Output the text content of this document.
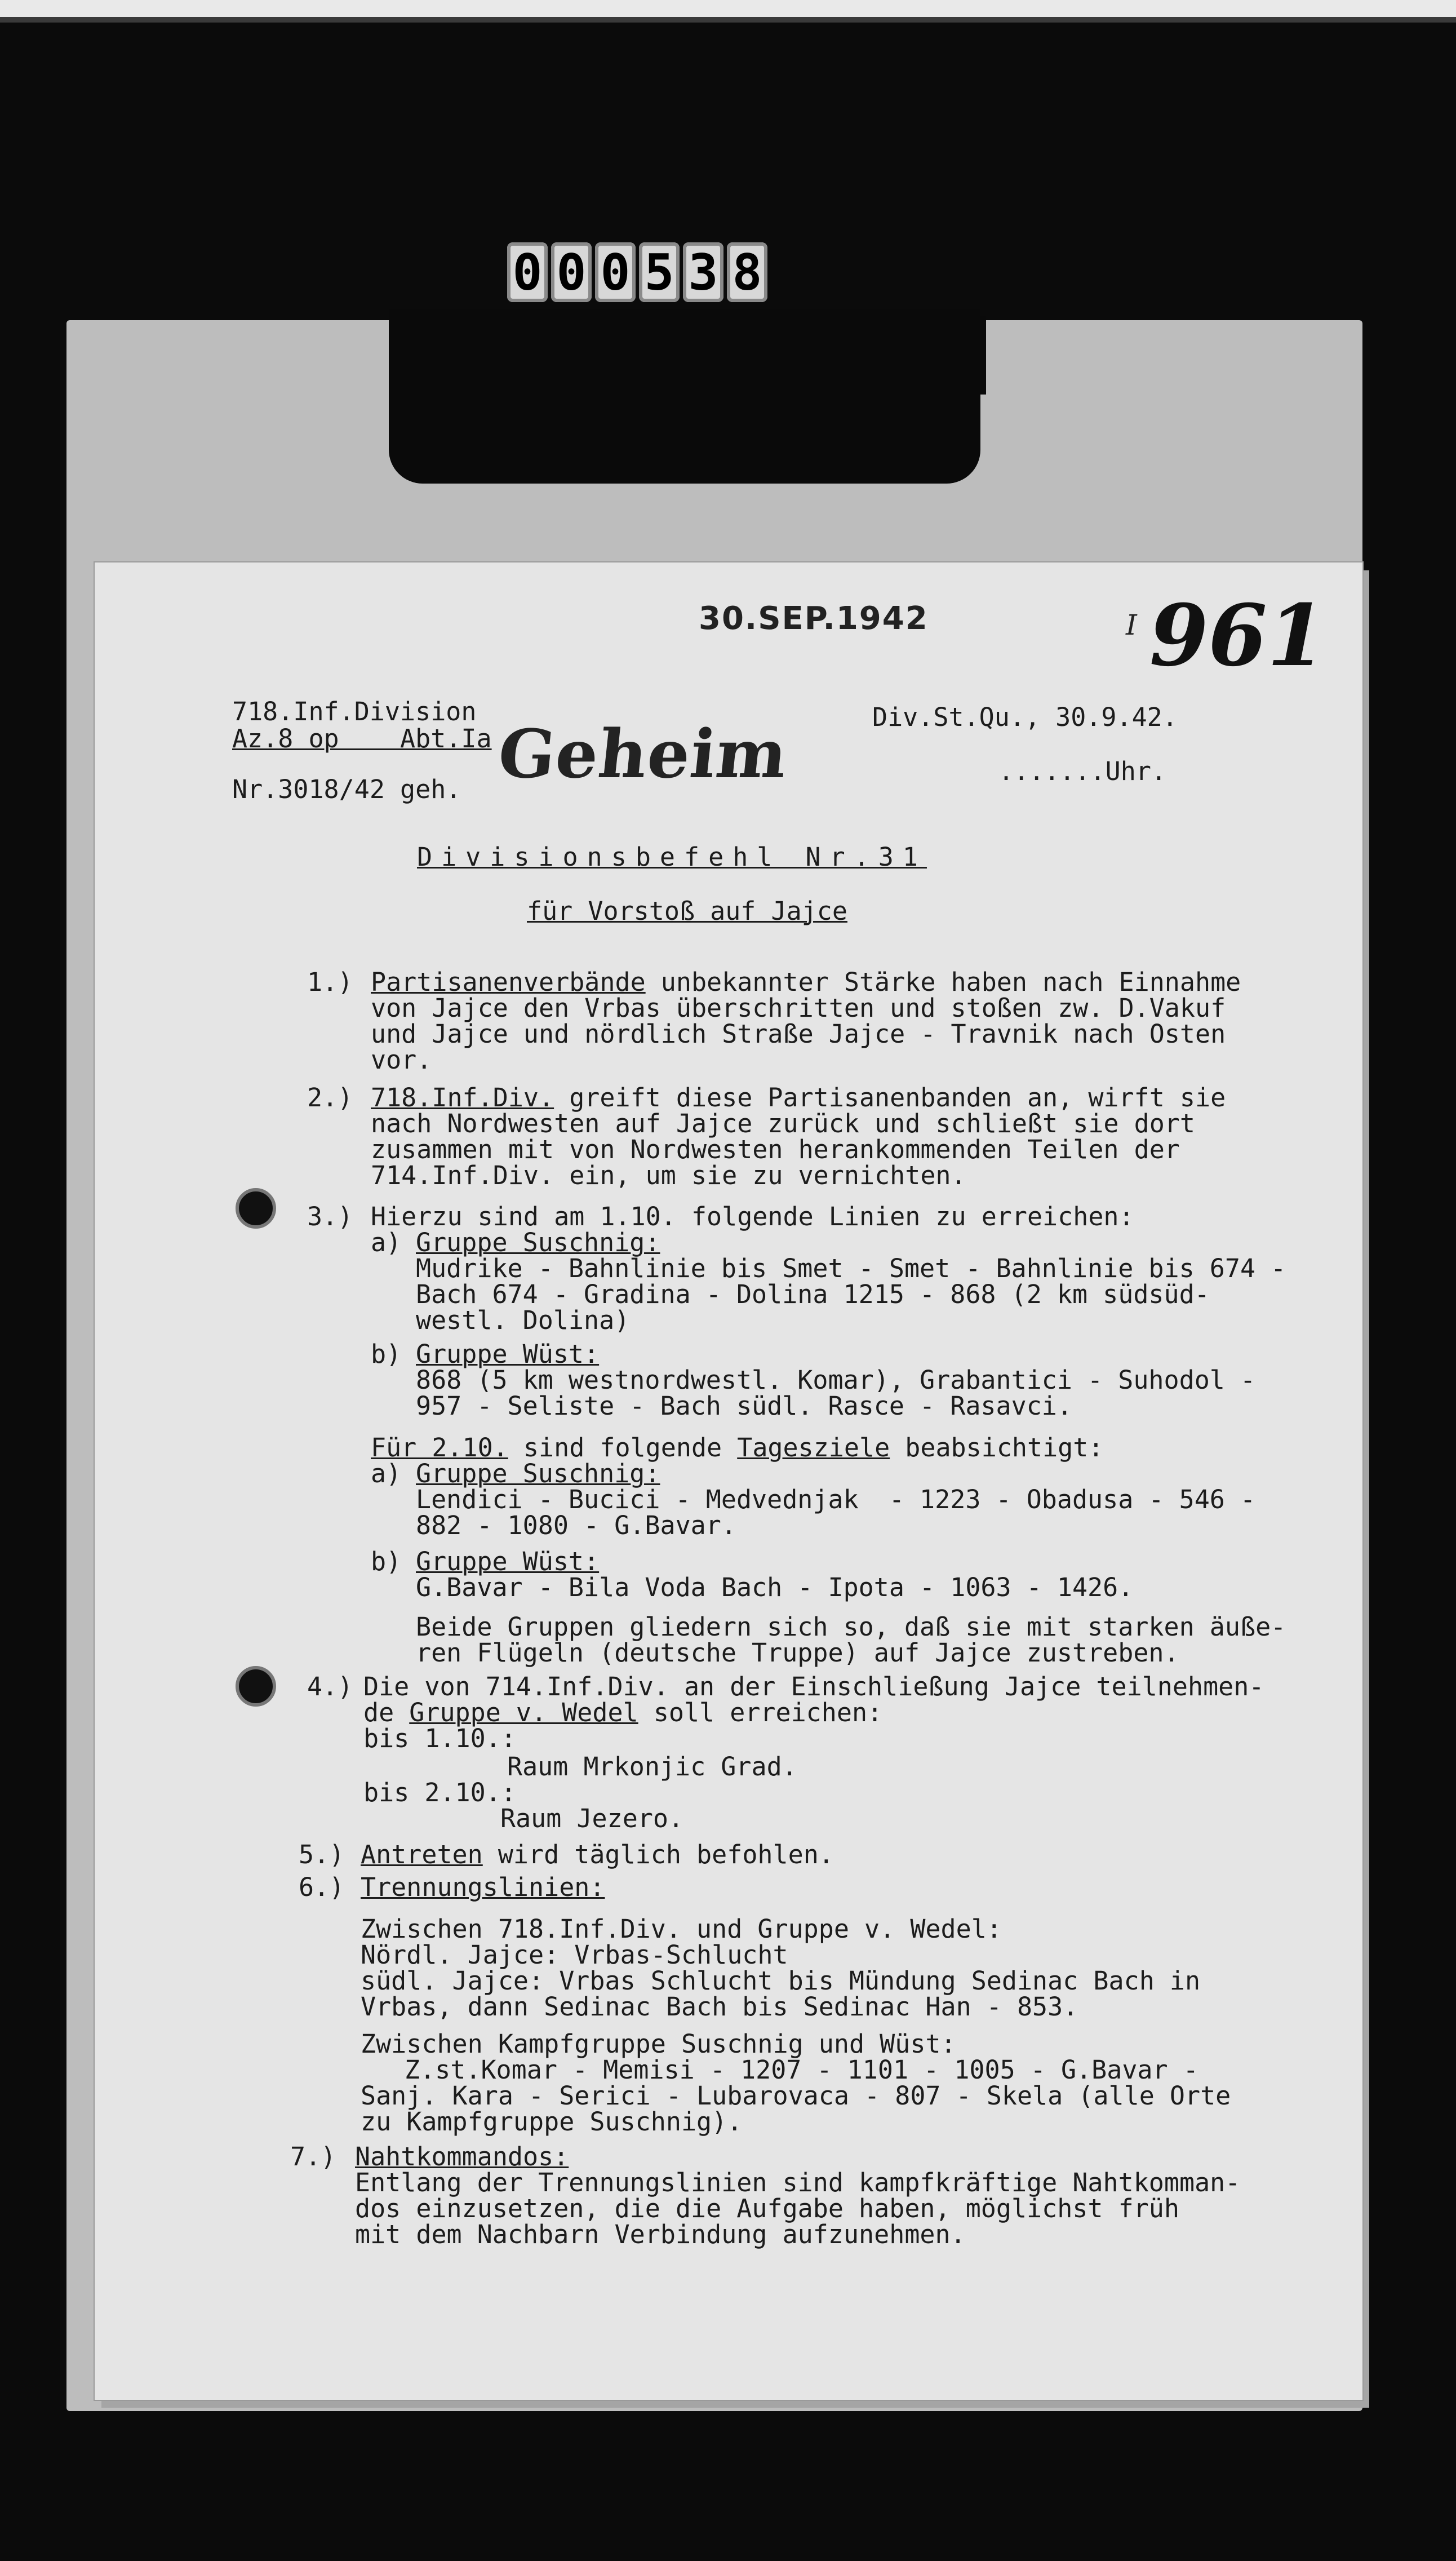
0 0 0 5 3 8
30.SEP.1942	I 961
Geheim
718.Inf.Division
Az.8 op    Abt.Ia
Nr.3018/42 geh.
Div.St.Qu., 30.9.42.
.......Uhr.
Divisionsbefehl Nr.31
für Vorstoß auf Jajce
1.) Partisanenverbände unbekannter Stärke haben nach Einnahme
von Jajce den Vrbas überschritten und stoßen zw. D.Vakuf
und Jajce und nördlich Straße Jajce - Travnik nach Osten
vor.
2.) 718.Inf.Div. greift diese Partisanenbanden an, wirft sie
nach Nordwesten auf Jajce zurück und schließt sie dort
zusammen mit von Nordwesten herankommenden Teilen der
714.Inf.Div. ein, um sie zu vernichten.
3.) Hierzu sind am 1.10. folgende Linien zu erreichen:
a) Gruppe Suschnig:
Mudrike - Bahnlinie bis Smet - Smet - Bahnlinie bis 674 -
Bach 674 - Gradina - Dolina 1215 - 868 (2 km südsüd-
westl. Dolina)
b) Gruppe Wüst:
868 (5 km westnordwestl. Komar), Grabantici - Suhodol -
957 - Seliste - Bach südl. Rasce - Rasavci.
Für 2.10. sind folgende Tagesziele beabsichtigt:
a) Gruppe Suschnig:
Lendici - Bucici - Medvednjak  - 1223 - Obadusa - 546 -
882 - 1080 - G.Bavar.
b) Gruppe Wüst:
G.Bavar - Bila Voda Bach - Ipota - 1063 - 1426.
Beide Gruppen gliedern sich so, daß sie mit starken äuße-
ren Flügeln (deutsche Truppe) auf Jajce zustreben.
4.) Die von 714.Inf.Div. an der Einschließung Jajce teilnehmen-
de Gruppe v. Wedel soll erreichen:
bis 1.10.:
Raum Mrkonjic Grad.
bis 2.10.:
Raum Jezero.
5.) Antreten wird täglich befohlen.
6.) Trennungslinien:
Zwischen 718.Inf.Div. und Gruppe v. Wedel:
Nördl. Jajce: Vrbas-Schlucht
südl. Jajce: Vrbas Schlucht bis Mündung Sedinac Bach in
Vrbas, dann Sedinac Bach bis Sedinac Han - 853.
Zwischen Kampfgruppe Suschnig und Wüst:
Z.st.Komar - Memisi - 1207 - 1101 - 1005 - G.Bavar -
Sanj. Kara - Serici - Lubarovaca - 807 - Skela (alle Orte
zu Kampfgruppe Suschnig).
7.) Nahtkommandos:
Entlang der Trennungslinien sind kampfkräftige Nahtkomman-
dos einzusetzen, die die Aufgabe haben, möglichst früh
mit dem Nachbarn Verbindung aufzunehmen.
